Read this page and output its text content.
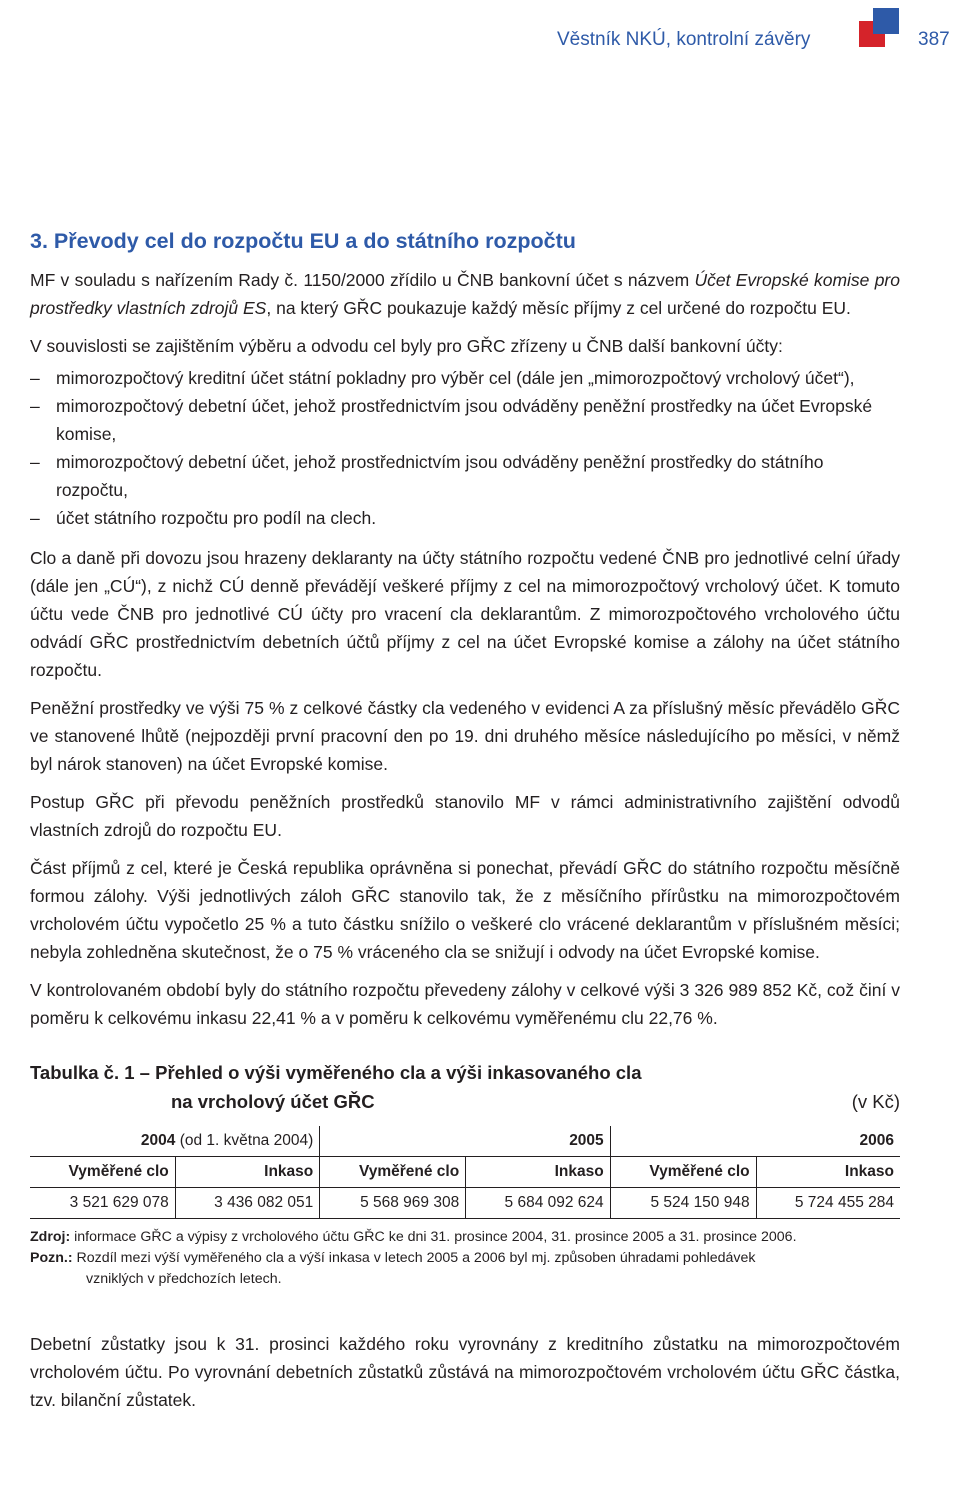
Věstník NKÚ, kontrolní závěry	387
3. Převody cel do rozpočtu EU a do státního rozpočtu

MF v souladu s nařízením Rady č. 1150/2000 zřídilo u ČNB bankovní účet s názvem Účet Evropské komise pro prostředky vlastních zdrojů ES, na který GŘC poukazuje každý měsíc příjmy z cel určené do rozpočtu EU.

V souvislosti se zajištěním výběru a odvodu cel byly pro GŘC zřízeny u ČNB další bankovní účty:

– mimorozpočtový kreditní účet státní pokladny pro výběr cel (dále jen „mimorozpočtový vrcholový účet“),
– mimorozpočtový debetní účet, jehož prostřednictvím jsou odváděny peněžní prostředky na účet Evropské komise,
– mimorozpočtový debetní účet, jehož prostřednictvím jsou odváděny peněžní prostředky do státního rozpočtu,
– účet státního rozpočtu pro podíl na clech.

Clo a daně při dovozu jsou hrazeny deklaranty na účty státního rozpočtu vedené ČNB pro jednotlivé celní úřady (dále jen „CÚ“), z nichž CÚ denně převádějí veškeré příjmy z cel na mimorozpočtový vrcholový účet. K tomuto účtu vede ČNB pro jednotlivé CÚ účty pro vracení cla deklarantům. Z mimorozpočtového vrcholového účtu odvádí GŘC prostřednictvím debetních účtů příjmy z cel na účet Evropské komise a zálohy na účet státního rozpočtu.

Peněžní prostředky ve výši 75 % z celkové částky cla vedeného v evidenci A za příslušný měsíc převádělo GŘC ve stanovené lhůtě (nejpozději první pracovní den po 19. dni druhého měsíce následujícího po měsíci, v němž byl nárok stanoven) na účet Evropské komise.

Postup GŘC při převodu peněžních prostředků stanovilo MF v rámci administrativního zajištění odvodů vlastních zdrojů do rozpočtu EU.

Část příjmů z cel, které je Česká republika oprávněna si ponechat, převádí GŘC do státního rozpočtu měsíčně formou zálohy. Výši jednotlivých záloh GŘC stanovilo tak, že z měsíčního přírůstku na mimorozpočtovém vrcholovém účtu vypočetlo 25 % a tuto částku snížilo o veškeré clo vrácené deklarantům v příslušném měsíci; nebyla zohledněna skutečnost, že o 75 % vráceného cla se snižují i odvody na účet Evropské komise.

V kontrolovaném období byly do státního rozpočtu převedeny zálohy v celkové výši 3 326 989 852 Kč, což činí v poměru k celkovému inkasu 22,41 % a v poměru k celkovému vyměřenému clu 22,76 %.

Tabulka č. 1 – Přehled o výši vyměřeného cla a výši inkasovaného cla
na vrcholový účet GŘC	(v Kč)
2004 (od 1. května 2004)		2005		2006	
Vyměřené clo	Inkaso	Vyměřené clo	Inkaso	Vyměřené clo	Inkaso
3 521 629 078	3 436 082 051	5 568 969 308	5 684 092 624	5 524 150 948	5 724 455 284
Zdroj: informace GŘC a výpisy z vrcholového účtu GŘC ke dni 31. prosince 2004, 31. prosince 2005 a 31. prosince 2006.
Pozn.: Rozdíl mezi výší vyměřeného cla a výší inkasa v letech 2005 a 2006 byl mj. způsoben úhradami pohledávek
vzniklých v předchozích letech.

Debetní zůstatky jsou k 31. prosinci každého roku vyrovnány z kreditního zůstatku na mimorozpočtovém vrcholovém účtu. Po vyrovnání debetních zůstatků zůstává na mimorozpočtovém vrcholovém účtu GŘC částka, tzv. bilanční zůstatek.
